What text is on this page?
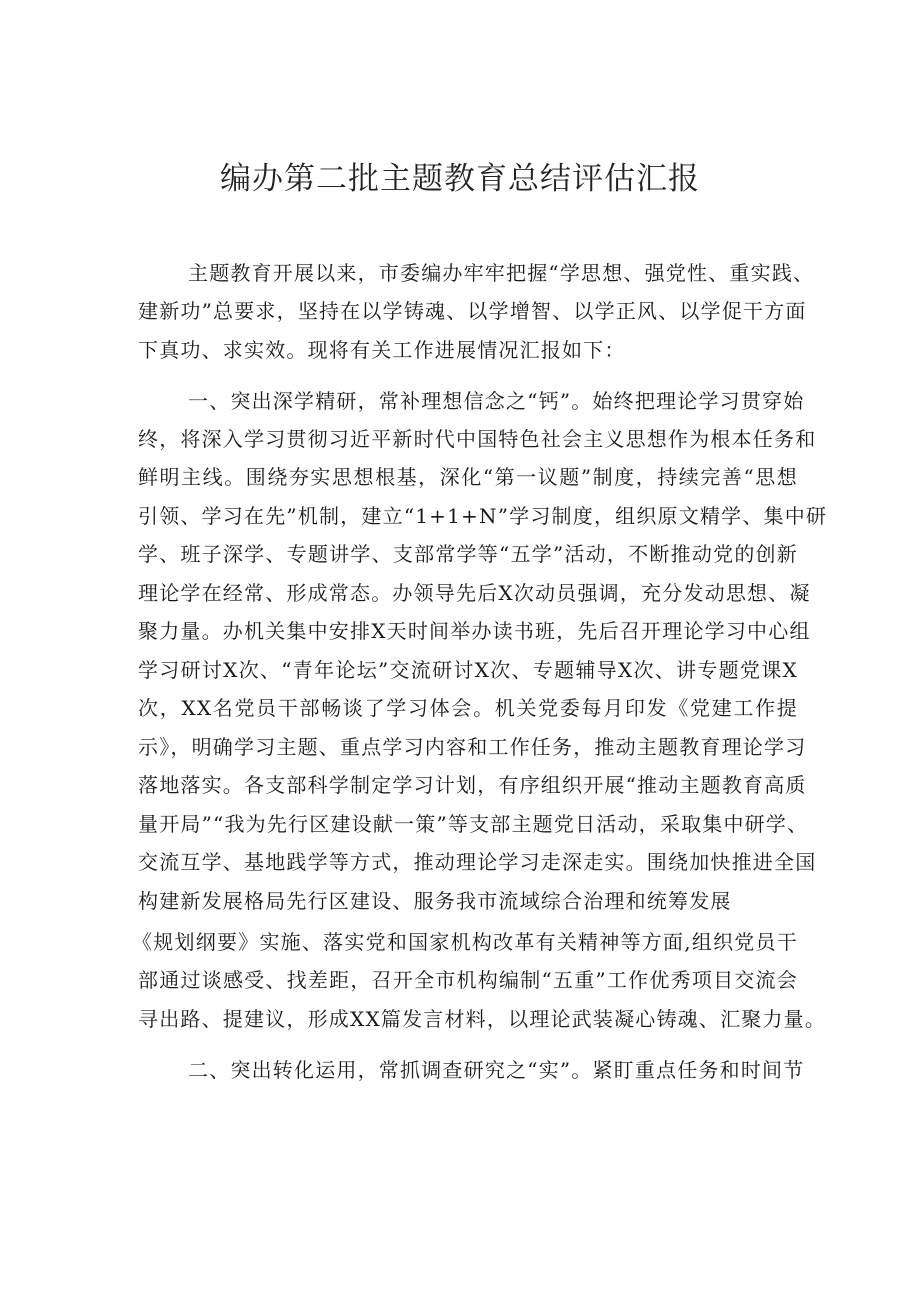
编办第二批主题教育总结评估汇报
主题教育开展以来，市委编办牢牢把握“学思想、强党性、重实践、
建新功”总要求，坚持在以学铸魂、以学增智、以学正风、以学促干方面
下真功、求实效。现将有关工作进展情况汇报如下：
一、突出深学精研，常补理想信念之“钙”。始终把理论学习贯穿始
终，将深入学习贯彻习近平新时代中国特色社会主义思想作为根本任务和
鲜明主线。围绕夯实思想根基，深化“第一议题”制度，持续完善“思想
引领、学习在先”机制，建立“1+1+N”学习制度，组织原文精学、集中研
学、班子深学、专题讲学、支部常学等“五学”活动，不断推动党的创新
理论学在经常、形成常态。办领导先后X次动员强调，充分发动思想、凝
聚力量。办机关集中安排X天时间举办读书班，先后召开理论学习中心组
学习研讨X次、“青年论坛”交流研讨X次、专题辅导X次、讲专题党课X
次，XX名党员干部畅谈了学习体会。机关党委每月印发《党建工作提
示》，明确学习主题、重点学习内容和工作任务，推动主题教育理论学习
落地落实。各支部科学制定学习计划，有序组织开展“推动主题教育高质
量开局”“我为先行区建设献一策”等支部主题党日活动，采取集中研学、
交流互学、基地践学等方式，推动理论学习走深走实。围绕加快推进全国
构建新发展格局先行区建设、服务我市流域综合治理和统筹发展
《规划纲要》实施、落实党和国家机构改革有关精神等方面,组织党员干
部通过谈感受、找差距，召开全市机构编制“五重”工作优秀项目交流会
寻出路、提建议，形成XX篇发言材料，以理论武装凝心铸魂、汇聚力量。
二、突出转化运用，常抓调查研究之“实”。紧盯重点任务和时间节
